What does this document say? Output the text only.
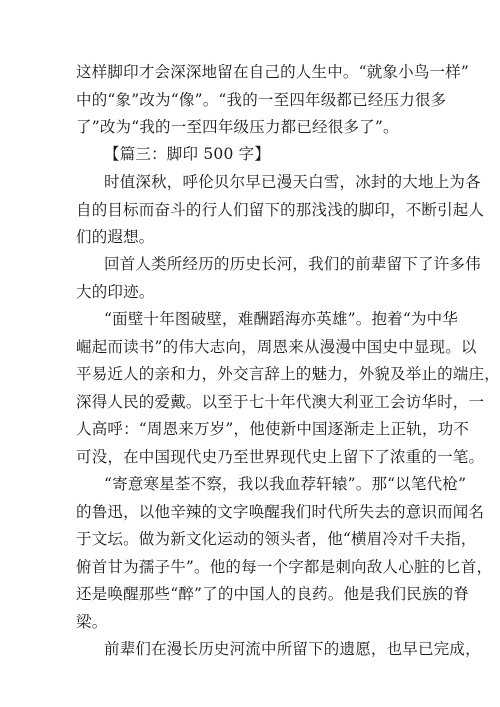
这样脚印才会深深地留在自己的人生中。“就象小鸟一样”
中的“象”改为“像”。“我的一至四年级都已经压力很多
了”改为“我的一至四年级压力都已经很多了”。
【篇三：脚印 500 字】
时值深秋，呼伦贝尔早已漫天白雪，冰封的大地上为各
自的目标而奋斗的行人们留下的那浅浅的脚印，不断引起人
们的遐想。
回首人类所经历的历史长河，我们的前辈留下了许多伟
大的印迹。
“面壁十年图破壁，难酬蹈海亦英雄”。抱着“为中华
崛起而读书”的伟大志向，周恩来从漫漫中国史中显现。以
平易近人的亲和力，外交言辞上的魅力，外貌及举止的端庄，
深得人民的爱戴。以至于七十年代澳大利亚工会访华时，一
人高呼：“周恩来万岁”，他使新中国逐渐走上正轨，功不
可没，在中国现代史乃至世界现代史上留下了浓重的一笔。
“寄意寒星荃不察，我以我血荐轩辕”。那“以笔代枪”
的鲁迅，以他辛辣的文字唤醒我们时代所失去的意识而闻名
于文坛。做为新文化运动的领头者，他“横眉冷对千夫指，
俯首甘为孺子牛”。他的每一个字都是刺向敌人心脏的匕首，
还是唤醒那些“醉”了的中国人的良药。他是我们民族的脊
梁。
前辈们在漫长历史河流中所留下的遗愿，也早已完成，
